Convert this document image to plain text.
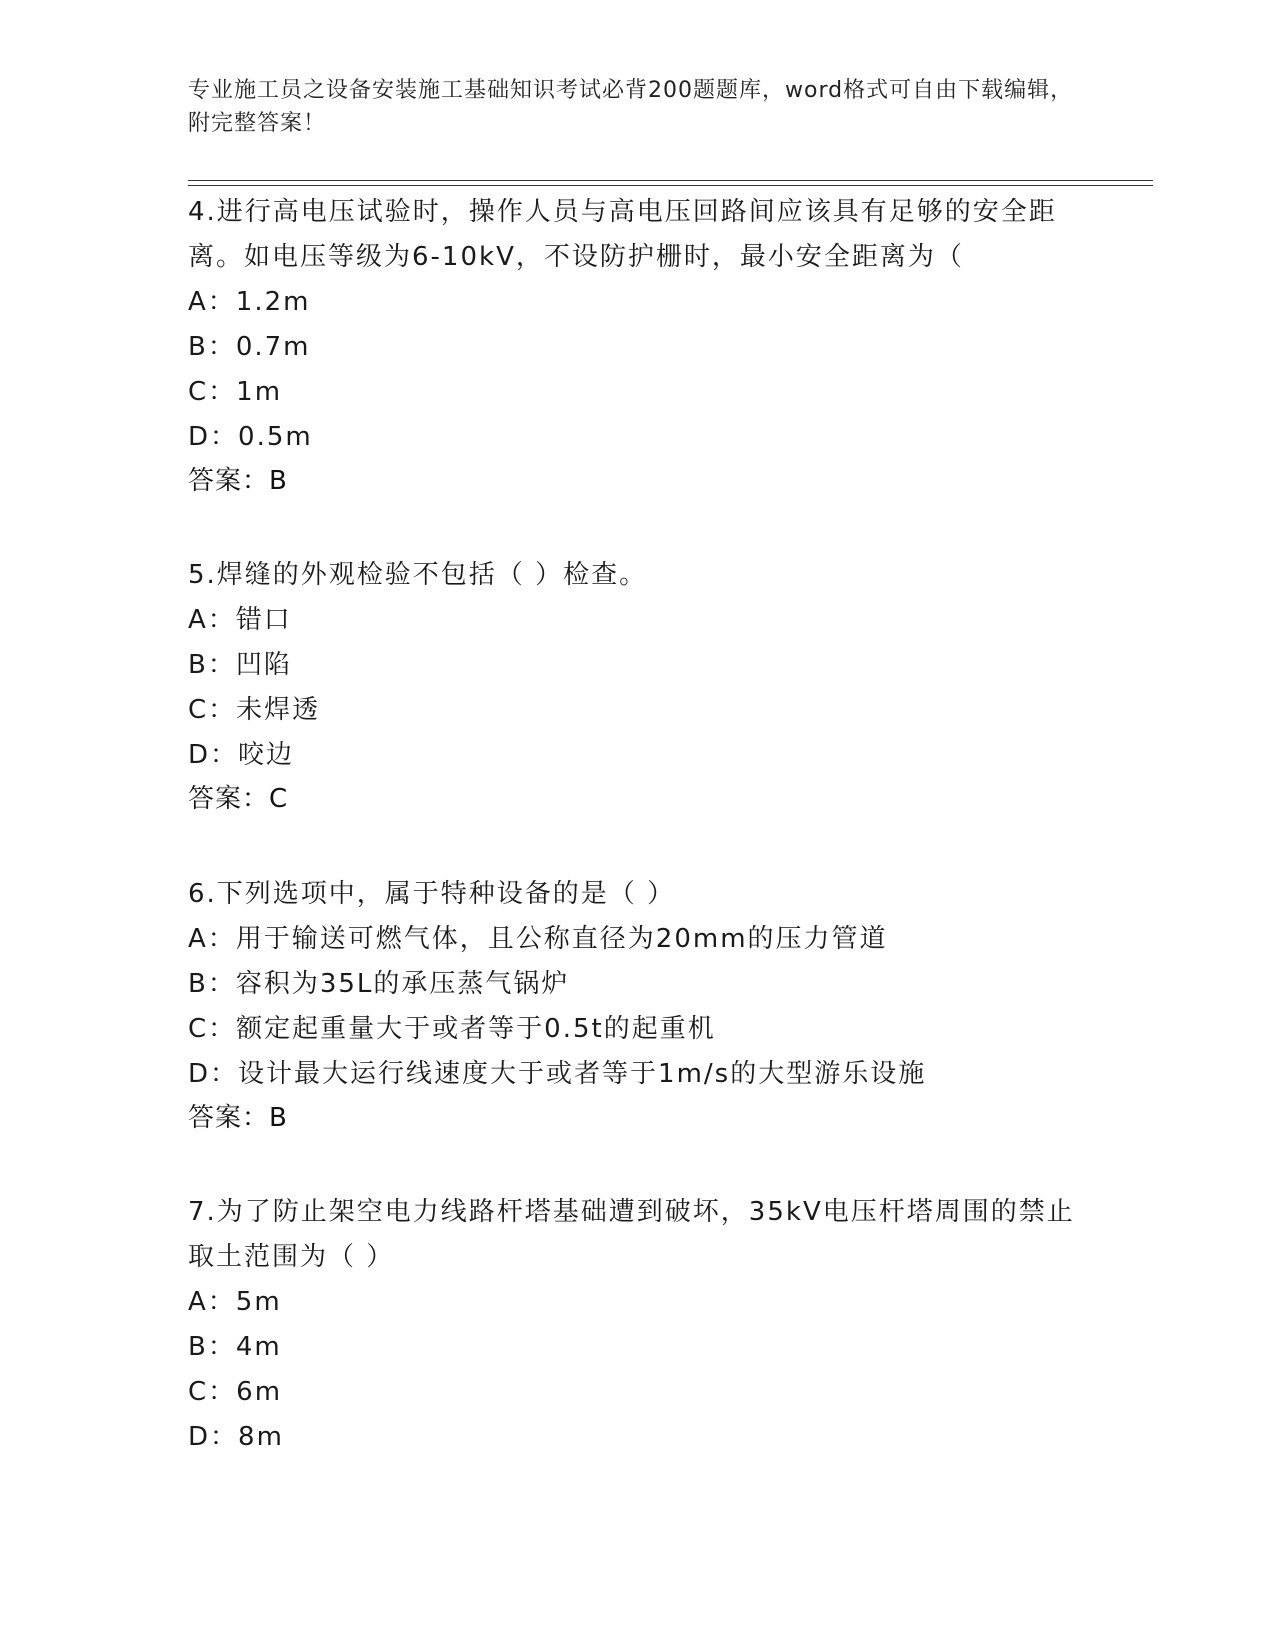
专业施工员之设备安装施工基础知识考试必背200题题库，word格式可自由下载编辑，附完整答案！

4.进行高电压试验时，操作人员与高电压回路间应该具有足够的安全距离。如电压等级为6-10kV，不设防护栅时，最小安全距离为（

A：1.2m
B：0.7m
C：1m
D：0.5m

答案：B

5.焊缝的外观检验不包括（ ）检查。

A：错口
B：凹陷
C：未焊透
D：咬边

答案：C

6.下列选项中，属于特种设备的是（ ）

A：用于输送可燃气体，且公称直径为20mm的压力管道
B：容积为35L的承压蒸气锅炉
C：额定起重量大于或者等于0.5t的起重机
D：设计最大运行线速度大于或者等于1m/s的大型游乐设施

答案：B

7.为了防止架空电力线路杆塔基础遭到破坏，35kV电压杆塔周围的禁止取土范围为（ ）

A：5m
B：4m
C：6m
D：8m
